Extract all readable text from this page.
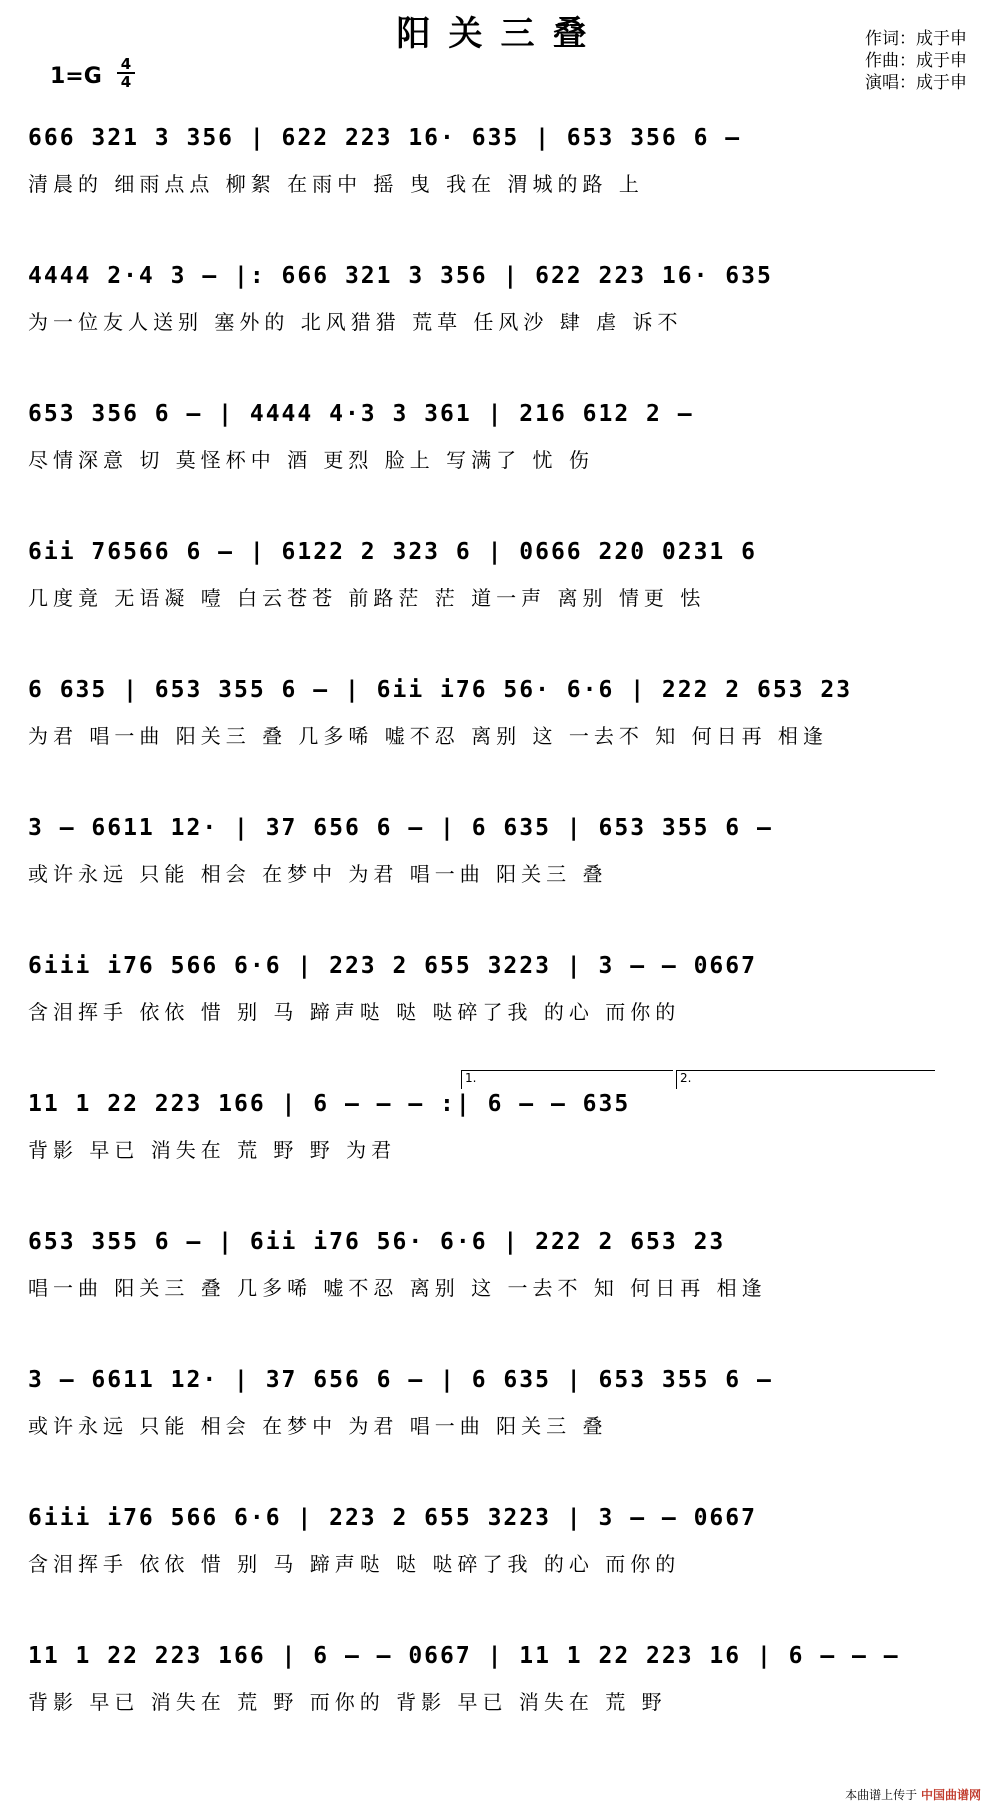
阳关三叠
1=G 4
4
作词：成于申
作曲：成于申
演唱：成于申
666 321 3 356 | 622 223 16· 635 | 653 356 6 –
清晨的 细雨点点 柳絮 在雨中 摇 曳 我在 渭城的路 上
4444 2·4 3 – |: 666 321 3 356 | 622 223 16· 635
为一位友人送别 塞外的 北风猎猎 荒草 任风沙 肆 虐 诉不
653 356 6 – | 4444 4·3 3 361 | 216 612 2 –
尽情深意 切 莫怪杯中 酒 更烈 脸上 写满了 忧 伤
6ii 76566 6 – | 6122 2 323 6 | 0666 220 0231 6
几度竟 无语凝 噎 白云苍苍 前路茫 茫 道一声 离别 情更 怯
6 635 | 653 355 6 – | 6ii i76 56· 6·6 | 222 2 653 23
为君 唱一曲 阳关三 叠 几多唏 嘘不忍 离别 这 一去不 知 何日再 相逢
3 – 6611 12· | 37 656 6 – | 6 635 | 653 355 6 –
或许永远 只能 相会 在梦中 为君 唱一曲 阳关三 叠
6iii i76 566 6·6 | 223 2 655 3223 | 3 – – 0667
含泪挥手 依依 惜 别 马 蹄声哒 哒 哒碎了我 的心 而你的
1.	2.
11 1 22 223 166 | 6 – – – :| 6 – – 635
背影 早已 消失在 荒 野 野 为君
653 355 6 – | 6ii i76 56· 6·6 | 222 2 653 23
唱一曲 阳关三 叠 几多唏 嘘不忍 离别 这 一去不 知 何日再 相逢
3 – 6611 12· | 37 656 6 – | 6 635 | 653 355 6 –
或许永远 只能 相会 在梦中 为君 唱一曲 阳关三 叠
6iii i76 566 6·6 | 223 2 655 3223 | 3 – – 0667
含泪挥手 依依 惜 别 马 蹄声哒 哒 哒碎了我 的心 而你的
11 1 22 223 166 | 6 – – 0667 | 11 1 22 223 16 | 6 – – –
背影 早已 消失在 荒 野 而你的 背影 早已 消失在 荒 野
本曲谱上传于 中国曲谱网
